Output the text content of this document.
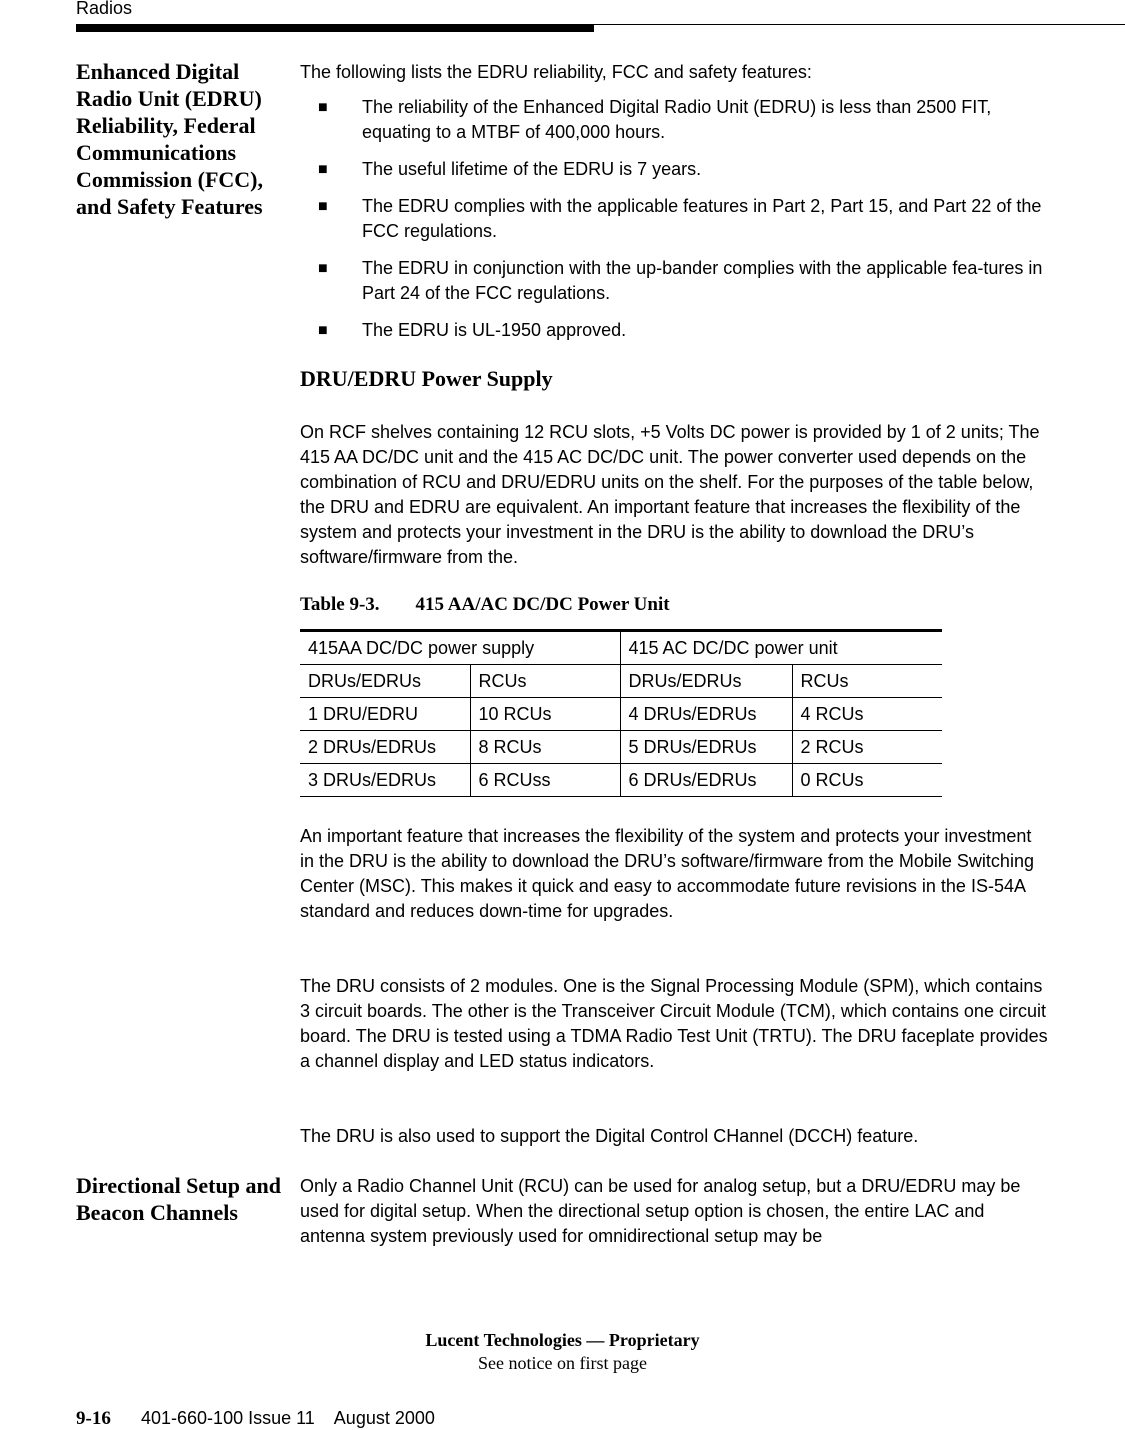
Radios
Enhanced Digital Radio Unit (EDRU) Reliability, Federal Communications Commission (FCC), and Safety Features
The following lists the EDRU reliability, FCC and safety features:
■ The reliability of the Enhanced Digital Radio Unit (EDRU) is less than 2500 FIT, equating to a MTBF of 400,000 hours.
■ The useful lifetime of the EDRU is 7 years.
■ The EDRU complies with the applicable features in Part 2, Part 15, and Part 22 of the FCC regulations.
■ The EDRU in conjunction with the up-bander complies with the applicable fea-tures in Part 24 of the FCC regulations.
■ The EDRU is UL-1950 approved.
DRU/EDRU Power Supply
On RCF shelves containing 12 RCU slots, +5 Volts DC power is provided by 1 of 2 units; The 415 AA DC/DC unit and the 415 AC DC/DC unit. The power converter used depends on the combination of RCU and DRU/EDRU units on the shelf. For the purposes of the table below, the DRU and EDRU are equivalent. An important feature that increases the flexibility of the system and protects your investment in the DRU is the ability to download the DRU’s software/firmware from the.
Table 9-3. 415 AA/AC DC/DC Power Unit
415AA DC/DC power supply		415 AC DC/DC power unit	
DRUs/EDRUs	RCUs	DRUs/EDRUs	RCUs
1 DRU/EDRU	10 RCUs	4 DRUs/EDRUs	4 RCUs
2 DRUs/EDRUs	8 RCUs	5 DRUs/EDRUs	2 RCUs
3 DRUs/EDRUs	6 RCUss	6 DRUs/EDRUs	0 RCUs
An important feature that increases the flexibility of the system and protects your investment in the DRU is the ability to download the DRU’s software/firmware from the Mobile Switching Center (MSC). This makes it quick and easy to accommodate future revisions in the IS-54A standard and reduces down-time for upgrades.
The DRU consists of 2 modules. One is the Signal Processing Module (SPM), which contains 3 circuit boards. The other is the Transceiver Circuit Module (TCM), which contains one circuit board. The DRU is tested using a TDMA Radio Test Unit (TRTU). The DRU faceplate provides a channel display and LED status indicators.
The DRU is also used to support the Digital Control CHannel (DCCH) feature.
Directional Setup and Beacon Channels
Only a Radio Channel Unit (RCU) can be used for analog setup, but a DRU/EDRU may be used for digital setup. When the directional setup option is chosen, the entire LAC and antenna system previously used for omnidirectional setup may be
Lucent Technologies — Proprietary
See notice on first page
9-16 401-660-100 Issue 11    August 2000
